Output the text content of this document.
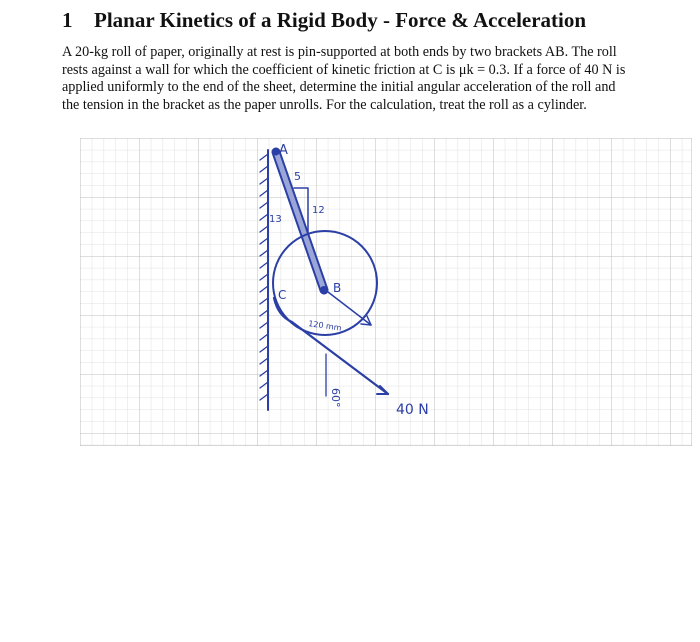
1 Planar Kinetics of a Rigid Body - Force & Acceleration
A 20-kg roll of paper, originally at rest is pin-supported at both ends by two brackets AB. The roll
rests against a wall for which the coefficient of kinetic friction at C is μk = 0.3. If a force of 40 N is
applied uniformly to the end of the sheet, determine the initial angular acceleration of the roll and
the tension in the bracket as the paper unrolls. For the calculation, treat the roll as a cylinder.
A
B
C
5
12
13
120 mm
60°
40 N
